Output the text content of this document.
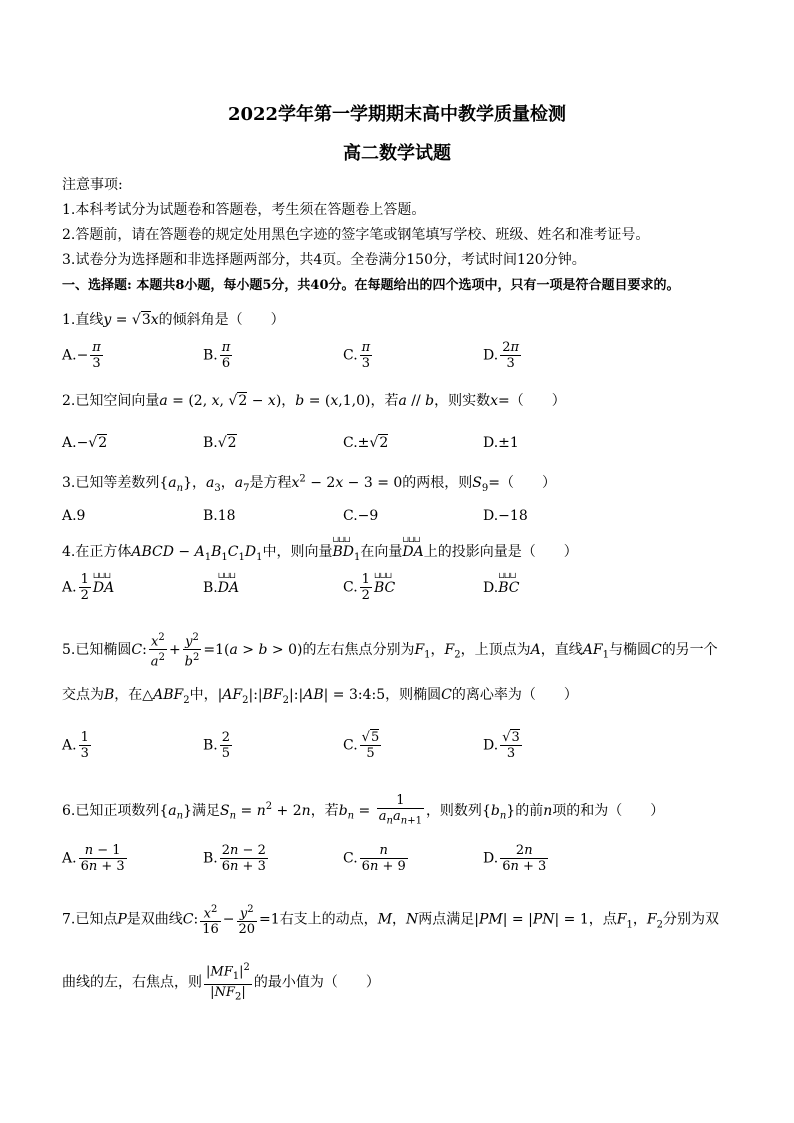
2022学年第一学期期末高中教学质量检测
高二数学试题
注意事项:
1.本科考试分为试题卷和答题卷，考生须在答题卷上答题。
2.答题前，请在答题卷的规定处用黑色字迹的签字笔或钢笔填写学校、班级、姓名和准考证号。
3.试卷分为选择题和非选择题两部分，共4页。全卷满分150分，考试时间120分钟。
一、选择题: 本题共8小题，每小题5分，共40分。在每题给出的四个选项中，只有一项是符合题目要求的。
1.直线y = √3x的倾斜角是（　　）
$A.- \frac{\pi}{3}$	B. $\frac{\pi}{6}$	C. $\frac{\pi}{3}$	D. $\frac{2\pi}{3}$
2.已知空间向量a = (2, x, √2 − x)，b = (x,1,0)，若a // b，则实数x=（　　）
A.−√2	B.√2	C.±√2	D.±1
3.已知等差数列$\{a_n\}$，$a_3$，$a_7$是方程$x^2 - 2x - 3 = 0$的两根，则$S_9=$（　　）
A.9	B.18	C.−9	D.−18
4.在正方体ABCD − $A_1B_1C_1D_1$中，则向量⊔⊔⊔ $BD_1$在向量⊔⊔⊔ DA上的投影向量是（　　）
A. $\frac{1}{2}$ ⊔⊔⊔ DA	B.⊔⊔⊔ DA	C. $\frac{1}{2}$ ⊔⊔⊔ BC	D.⊔⊔⊔ BC
5.已知椭圆C: $\frac{x^2}{a^2} + \frac{y^2}{b^2} =1(a > b > 0)$的左右焦点分别为$F_1$，$F_2$，上顶点为A，直线$AF_1$与椭圆C的另一个
交点为B，在$\triangle ABF_2$中，$|AF_2|:|BF_2|:|AB|$ = 3:4:5，则椭圆C的离心率为（　　）
A. $\frac{1}{3}$	B. $\frac{2}{5}$	C. $\frac{√5}{5}$	D. $\frac{√3}{3}$
6.已知正项数列$\{a_n\}$满足$S_n = n^2 + 2n$，若$b_n = \frac{1}{a_na_{n+1}}$ ，则数列$\{b_n\}$的前n项的和为（　　）
A. $\frac{n - 1}{6n + 3}$	B. $\frac{2n - 2}{6n + 3}$	C. $\frac{n}{6n + 9}$	D. $\frac{2n}{6n + 3}$
7.已知点P是双曲线C: $\frac{x^2}{16} - \frac{y^2}{20} =1$右支上的动点，M，N两点满足|PM| = |PN| = 1，点$F_1$，$F_2$分别为双
曲线的左，右焦点，则 $\frac{|MF_1|^2}{|NF_2|}$ 的最小值为（　　）
